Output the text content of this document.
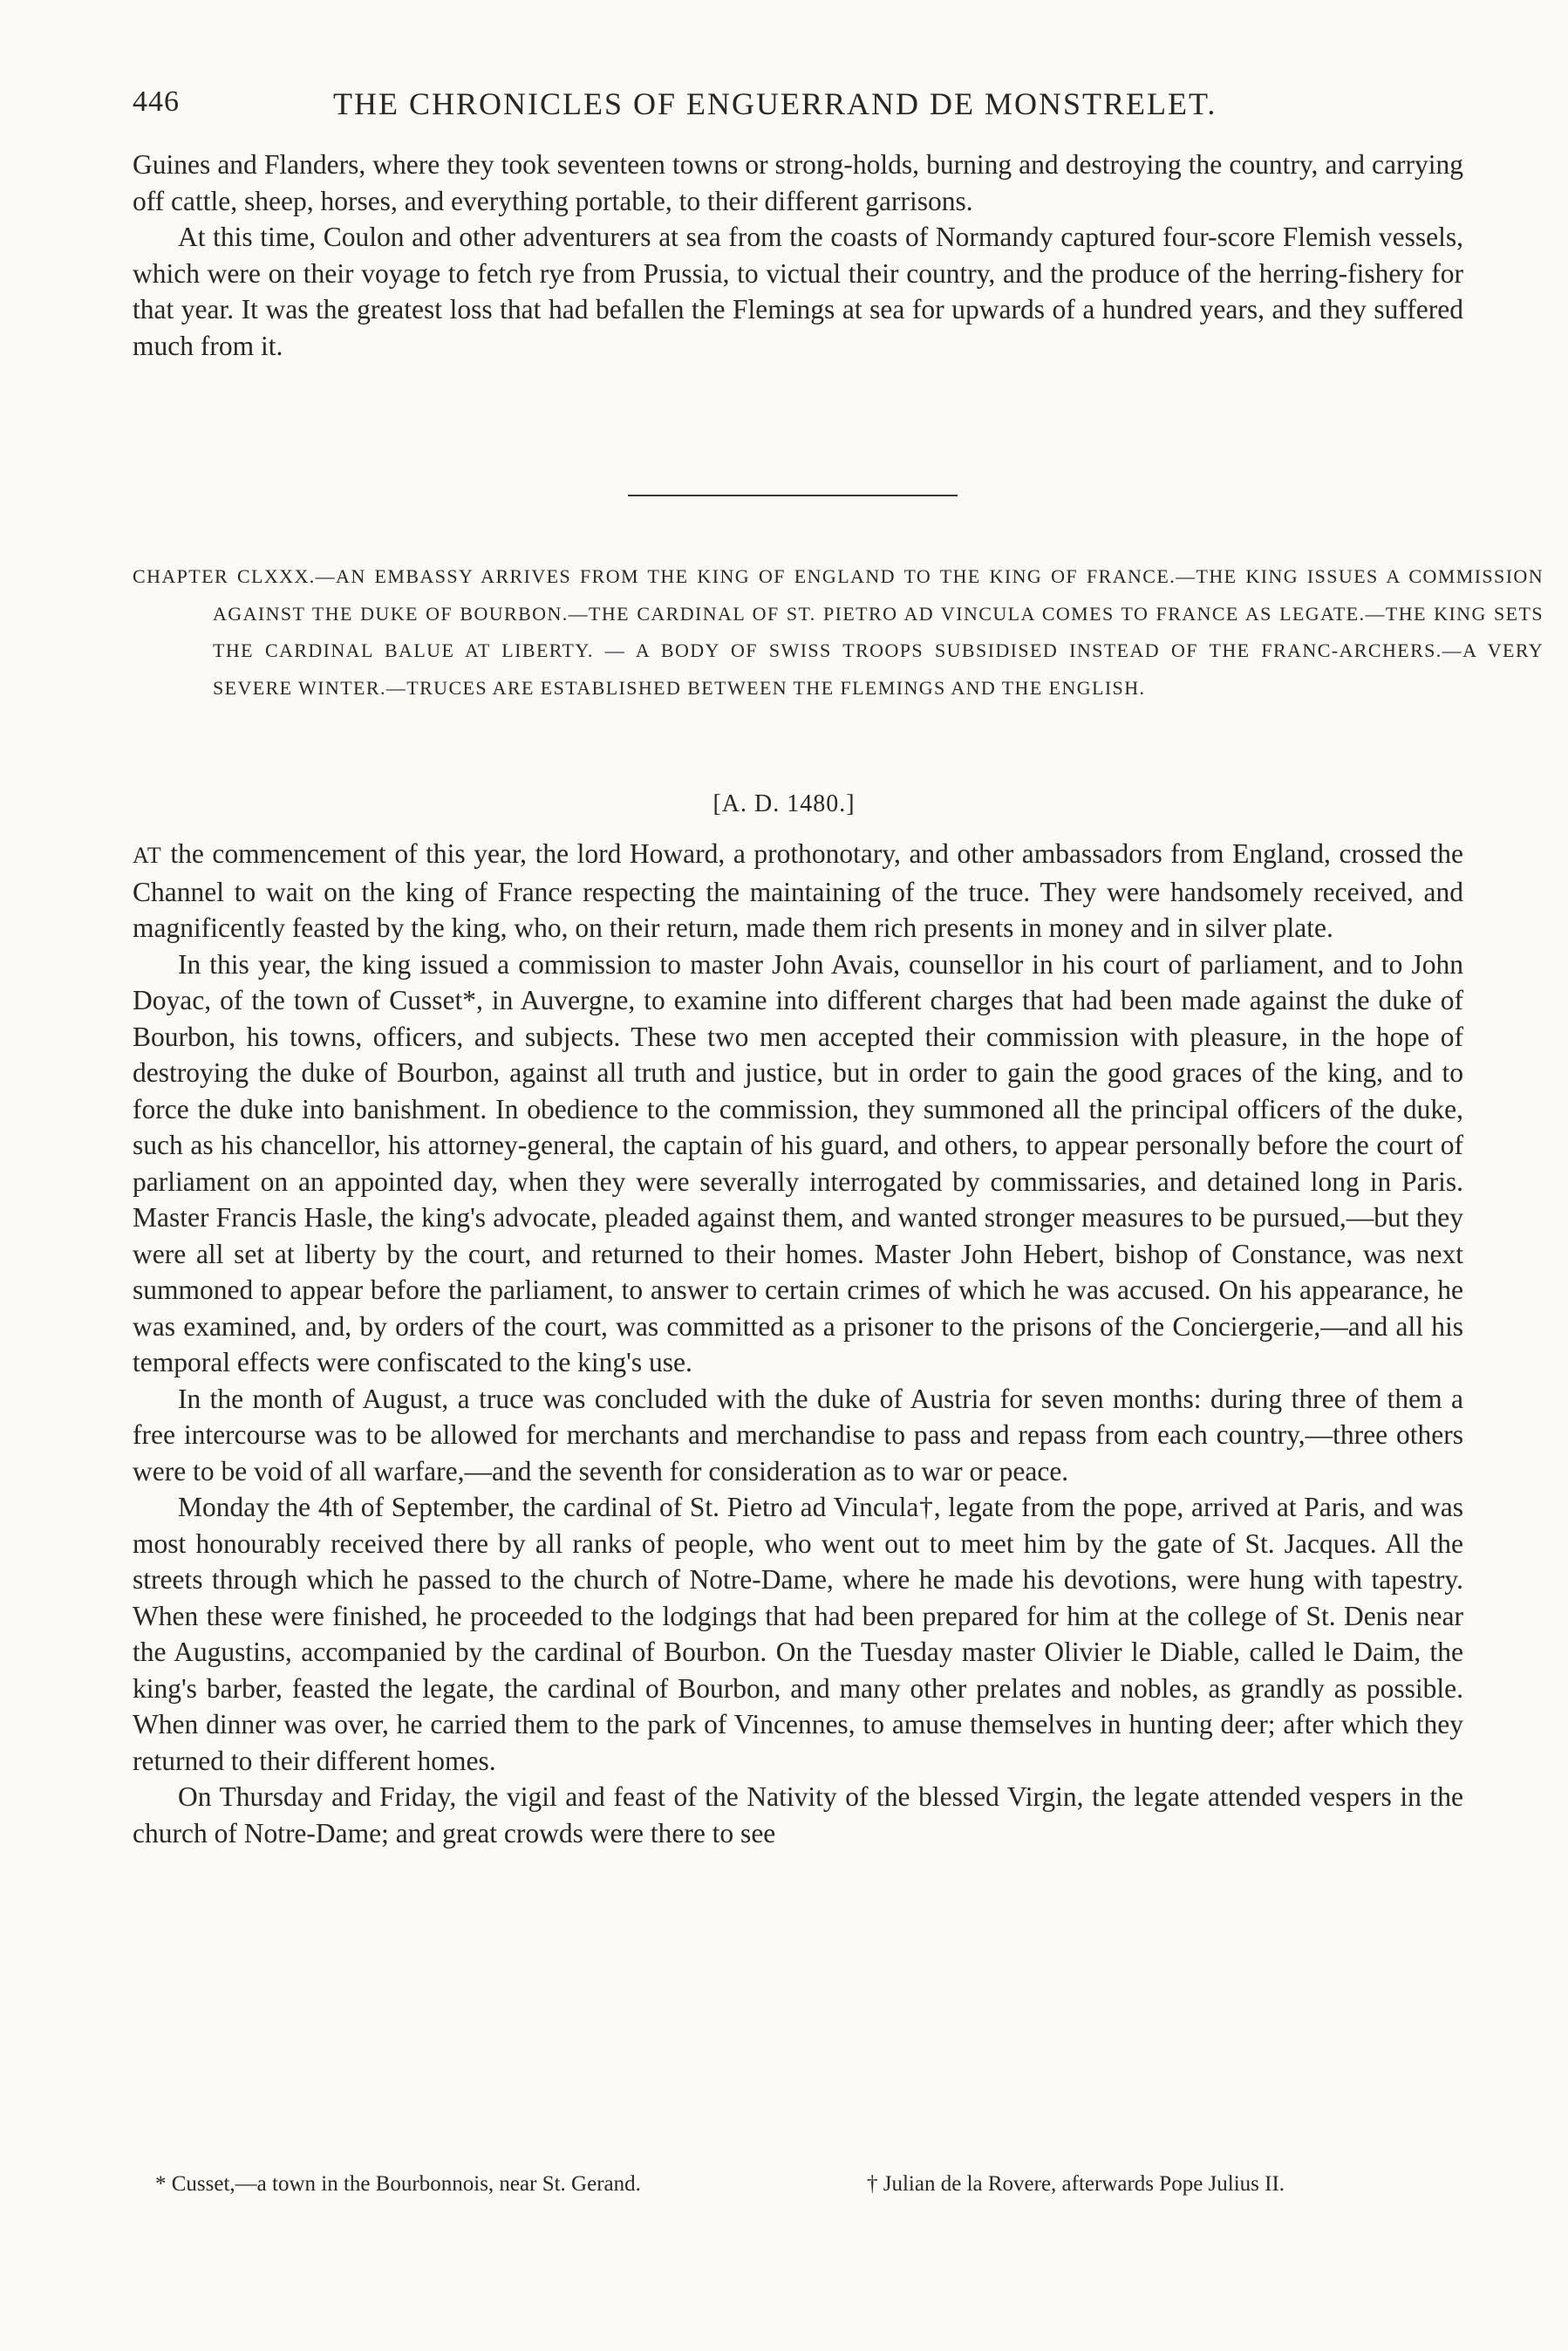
446	THE CHRONICLES OF ENGUERRAND DE MONSTRELET.

Guines and Flanders, where they took seventeen towns or strong-holds, burning and destroying the country, and carrying off cattle, sheep, horses, and everything portable, to their different garrisons.

At this time, Coulon and other adventurers at sea from the coasts of Normandy captured four-score Flemish vessels, which were on their voyage to fetch rye from Prussia, to victual their country, and the produce of the herring-fishery for that year. It was the greatest loss that had befallen the Flemings at sea for upwards of a hundred years, and they suffered much from it.

CHAPTER CLXXX.—AN EMBASSY ARRIVES FROM THE KING OF ENGLAND TO THE KING OF FRANCE.—THE KING ISSUES A COMMISSION AGAINST THE DUKE OF BOURBON.—THE CARDINAL OF ST. PIETRO AD VINCULA COMES TO FRANCE AS LEGATE.—THE KING SETS THE CARDINAL BALUE AT LIBERTY. — A BODY OF SWISS TROOPS SUBSIDISED INSTEAD OF THE FRANC-ARCHERS.—A VERY SEVERE WINTER.—TRUCES ARE ESTABLISHED BETWEEN THE FLEMINGS AND THE ENGLISH.
[A. D. 1480.]

AT the commencement of this year, the lord Howard, a prothonotary, and other ambassadors from England, crossed the Channel to wait on the king of France respecting the maintaining of the truce. They were handsomely received, and magnificently feasted by the king, who, on their return, made them rich presents in money and in silver plate.

In this year, the king issued a commission to master John Avais, counsellor in his court of parliament, and to John Doyac, of the town of Cusset*, in Auvergne, to examine into different charges that had been made against the duke of Bourbon, his towns, officers, and subjects. These two men accepted their commission with pleasure, in the hope of destroying the duke of Bourbon, against all truth and justice, but in order to gain the good graces of the king, and to force the duke into banishment. In obedience to the commission, they summoned all the principal officers of the duke, such as his chancellor, his attorney-general, the captain of his guard, and others, to appear personally before the court of parliament on an appointed day, when they were severally interrogated by commissaries, and detained long in Paris. Master Francis Hasle, the king's advocate, pleaded against them, and wanted stronger measures to be pursued,—but they were all set at liberty by the court, and returned to their homes. Master John Hebert, bishop of Constance, was next summoned to appear before the parliament, to answer to certain crimes of which he was accused. On his appearance, he was examined, and, by orders of the court, was committed as a prisoner to the prisons of the Conciergerie,—and all his temporal effects were confiscated to the king's use.

In the month of August, a truce was concluded with the duke of Austria for seven months: during three of them a free intercourse was to be allowed for merchants and merchandise to pass and repass from each country,—three others were to be void of all warfare,—and the seventh for consideration as to war or peace.

Monday the 4th of September, the cardinal of St. Pietro ad Vincula†, legate from the pope, arrived at Paris, and was most honourably received there by all ranks of people, who went out to meet him by the gate of St. Jacques. All the streets through which he passed to the church of Notre-Dame, where he made his devotions, were hung with tapestry. When these were finished, he proceeded to the lodgings that had been prepared for him at the college of St. Denis near the Augustins, accompanied by the cardinal of Bourbon. On the Tuesday master Olivier le Diable, called le Daim, the king's barber, feasted the legate, the cardinal of Bourbon, and many other prelates and nobles, as grandly as possible. When dinner was over, he carried them to the park of Vincennes, to amuse themselves in hunting deer; after which they returned to their different homes.

On Thursday and Friday, the vigil and feast of the Nativity of the blessed Virgin, the legate attended vespers in the church of Notre-Dame; and great crowds were there to see

* Cusset,—a town in the Bourbonnois, near St. Gerand.	† Julian de la Rovere, afterwards Pope Julius II.
